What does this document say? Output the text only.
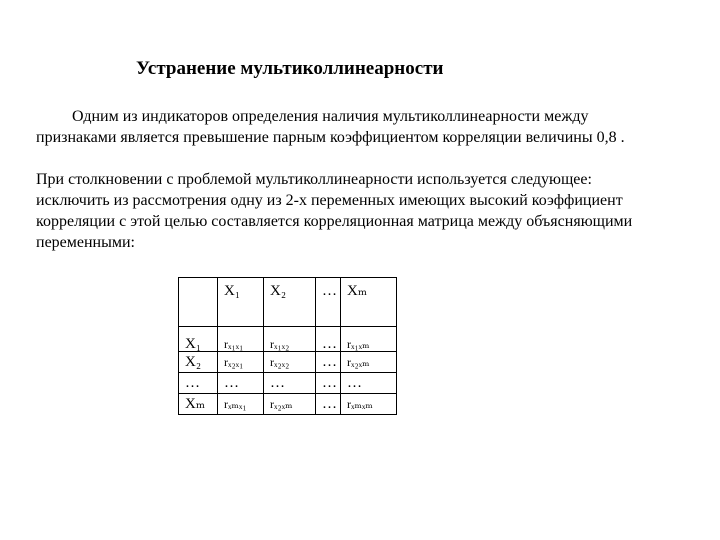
Устранение мультиколлинеарности
Одним из индикаторов определения наличия мультиколлинеарности между
признаками является превышение парным коэффициентом корреляции величины 0,8 .
При столкновении с проблемой мультиколлинеарности используется следующее:
исключить из рассмотрения одну из 2-х переменных имеющих высокий коэффициент
корреляции с этой целью составляется корреляционная матрица между объясняющими
переменными:
	X₁	X₂	…	Xₘ
X₁	rₓ₁ₓ₁	rₓ₁ₓ₂	…	rₓ₁ₓₘ
X₂	rₓ₂ₓ₁	rₓ₂ₓ₂	…	rₓ₂ₓₘ
…	…	…	…	…
Xₘ	rₓₘₓ₁	rₓ₂ₓₘ	…	rₓₘₓₘ
